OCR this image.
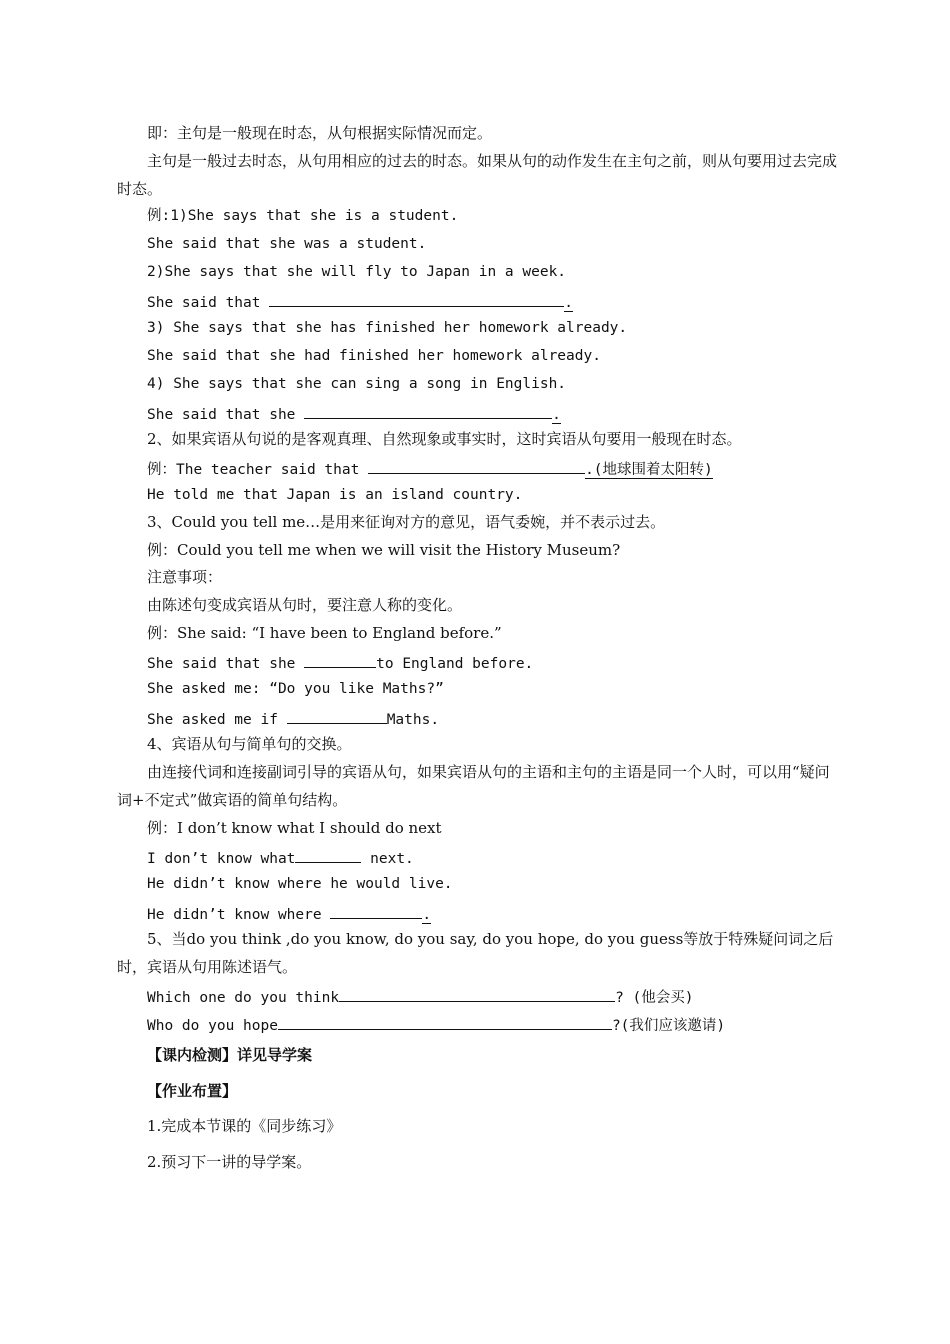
即：主句是一般现在时态，从句根据实际情况而定。
主句是一般过去时态，从句用相应的过去的时态。如果从句的动作发生在主句之前，则从句要用过去完成时态。
例:1)She says that she is a student.
She said that she was a student.
2)She says that she will fly to Japan in a week.
She said that	.
3) She says that she has finished her homework already.
She said that she had finished her homework already.
4) She says that she can sing a song in English.
She said that she	.
2、如果宾语从句说的是客观真理、自然现象或事实时，这时宾语从句要用一般现在时态。
例：The teacher said that	.(地球围着太阳转)
He told me that Japan is an island country.
3、Could you tell me…是用来征询对方的意见，语气委婉，并不表示过去。
例：Could you tell me when we will visit the History Museum?
注意事项：
由陈述句变成宾语从句时，要注意人称的变化。
例：She said: “I have been to England before.”
She said that she	to England before.
She asked me: “Do you like Maths?”
She asked me if	Maths.
4、宾语从句与简单句的交换。
由连接代词和连接副词引导的宾语从句，如果宾语从句的主语和主句的主语是同一个人时，可以用“疑问词+不定式”做宾语的简单句结构。
例：I don’t know what I should do next
I don’t know what	next.
He didn’t know where he would live.
He didn’t know where	.
5、当do you think ,do you know, do you say, do you hope, do you guess等放于特殊疑问词之后时，宾语从句用陈述语气。
Which one do you think	? (他会买)
Who do you hope	?(我们应该邀请)
【课内检测】详见导学案
【作业布置】
1.完成本节课的《同步练习》
2.预习下一讲的导学案。
